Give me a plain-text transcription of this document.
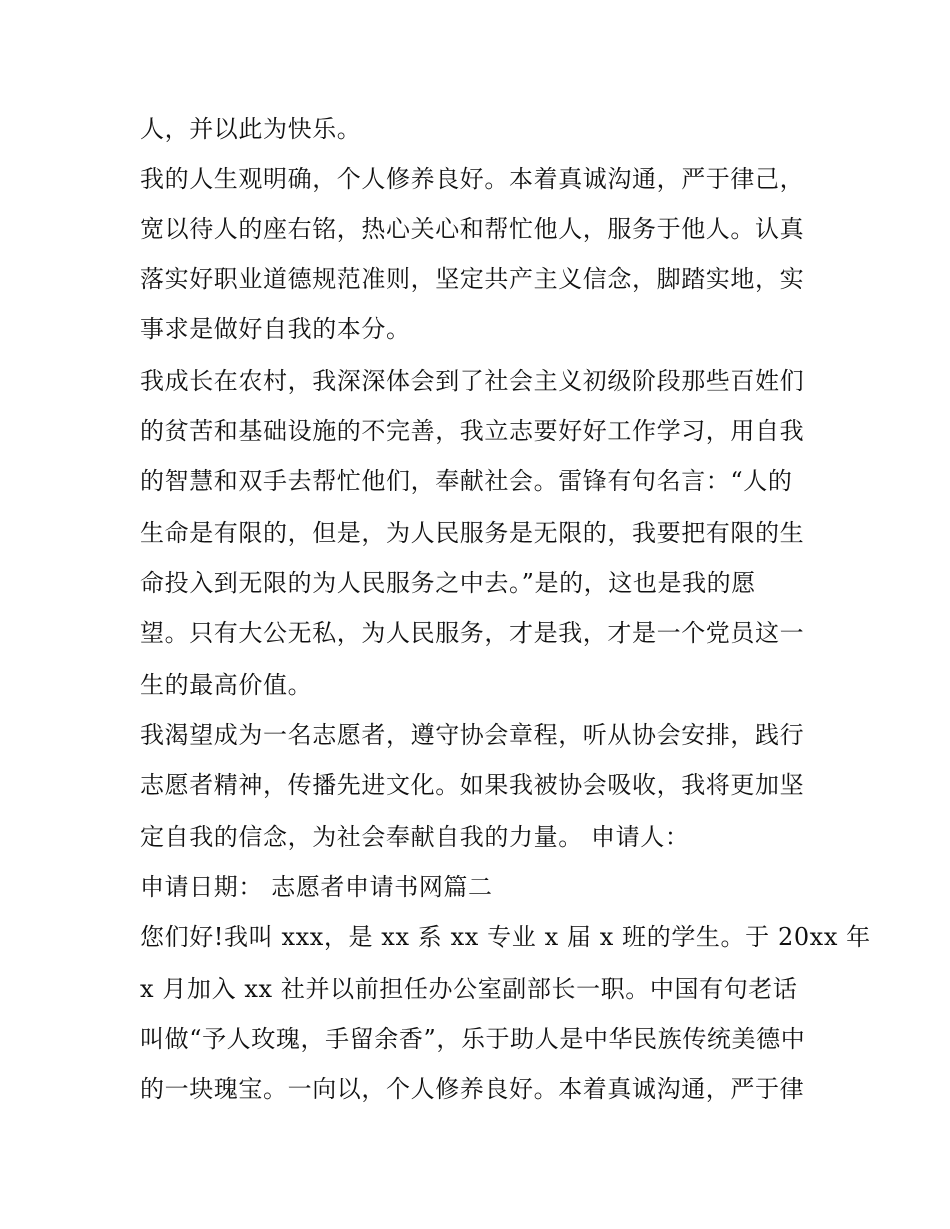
人，并以此为快乐。
我的人生观明确，个人修养良好。本着真诚沟通，严于律己，
宽以待人的座右铭，热心关心和帮忙他人，服务于他人。认真
落实好职业道德规范准则，坚定共产主义信念，脚踏实地，实
事求是做好自我的本分。
我成长在农村，我深深体会到了社会主义初级阶段那些百姓们
的贫苦和基础设施的不完善，我立志要好好工作学习，用自我
的智慧和双手去帮忙他们，奉献社会。雷锋有句名言：“人的
生命是有限的，但是，为人民服务是无限的，我要把有限的生
命投入到无限的为人民服务之中去。”是的，这也是我的愿
望。只有大公无私，为人民服务，才是我，才是一个党员这一
生的最高价值。
我渴望成为一名志愿者，遵守协会章程，听从协会安排，践行
志愿者精神，传播先进文化。如果我被协会吸收，我将更加坚
定自我的信念，为社会奉献自我的力量。 申请人：
申请日期： 志愿者申请书网篇二
您们好!我叫 xxx，是 xx 系 xx 专业 x 届 x 班的学生。于 20xx 年
x 月加入 xx 社并以前担任办公室副部长一职。中国有句老话
叫做“予人玫瑰，手留余香”，乐于助人是中华民族传统美德中
的一块瑰宝。一向以，个人修养良好。本着真诚沟通，严于律
